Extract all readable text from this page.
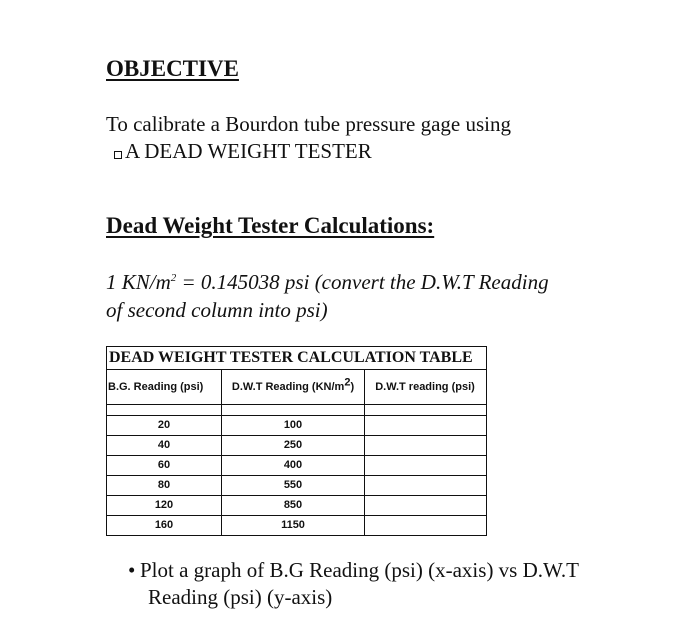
OBJECTIVE
To calibrate a Bourdon tube pressure gage using
A DEAD WEIGHT TESTER
Dead Weight Tester Calculations:
1 $KN/m^2 = 0.145038$ psi (convert the D.W.T Reading
of second column into psi)
DEAD WEIGHT TESTER CALCULATION TABLE
B.G. Reading (psi)	D.W.T Reading $(KN/m^2)$	D.W.T reading (psi)
20	100
40	250
60	400
80	550
120	850
160	1150
• Plot a graph of B.G Reading (psi) (x-axis) vs D.W.T
Reading (psi) (y-axis)
